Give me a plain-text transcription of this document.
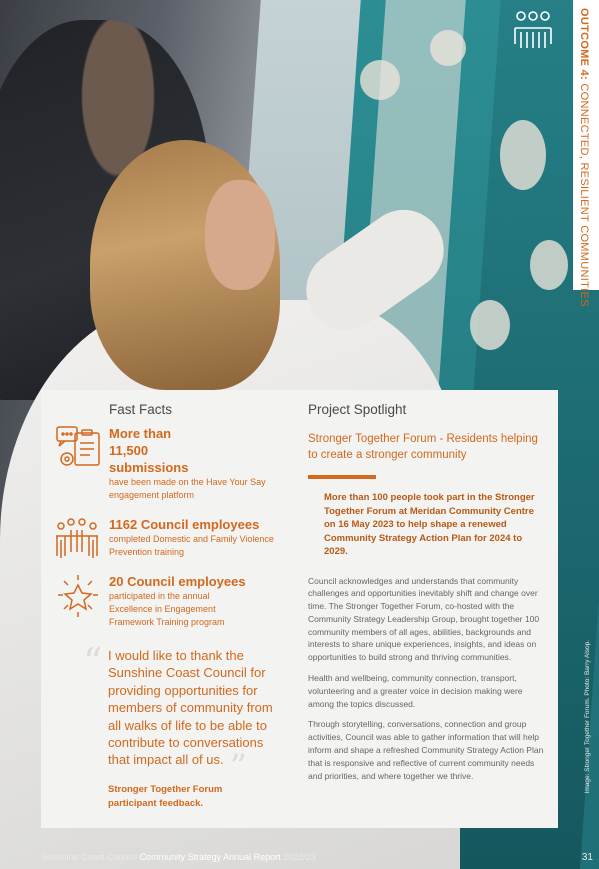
OUTCOME 4: CONNECTED, RESILIENT COMMUNITIES
Image: Stronger Together Forum. Photo: Barry Alsop.
Fast Facts
More than 11,500 submissions
have been made on the Have Your Say engagement platform
1162 Council employees
completed Domestic and Family Violence Prevention training
20 Council employees
participated in the annual Excellence in Engagement Framework Training program
“ I would like to thank the Sunshine Coast Council for providing opportunities for members of community from all walks of life to be able to contribute to conversations that impact all of us. ”
Stronger Together Forum participant feedback.
Project Spotlight
Stronger Together Forum - Residents helping to create a stronger community
More than 100 people took part in the Stronger Together Forum at Meridan Community Centre on 16 May 2023 to help shape a renewed Community Strategy Action Plan for 2024 to 2029.
Council acknowledges and understands that community challenges and opportunities inevitably shift and change over time. The Stronger Together Forum, co-hosted with the Community Strategy Leadership Group, brought together 100 community members of all ages, abilities, backgrounds and interests to share unique experiences, insights, and ideas on opportunities to build strong and thriving communities.
Health and wellbeing, community connection, transport, volunteering and a greater voice in decision making were among the topics discussed.
Through storytelling, conversations, connection and group activities, Council was able to gather information that will help inform and shape a refreshed Community Strategy Action Plan that is responsive and reflective of current community needs and priorities, and where together we thrive.
Sunshine Coast Council Community Strategy Annual Report 2022/23	31
